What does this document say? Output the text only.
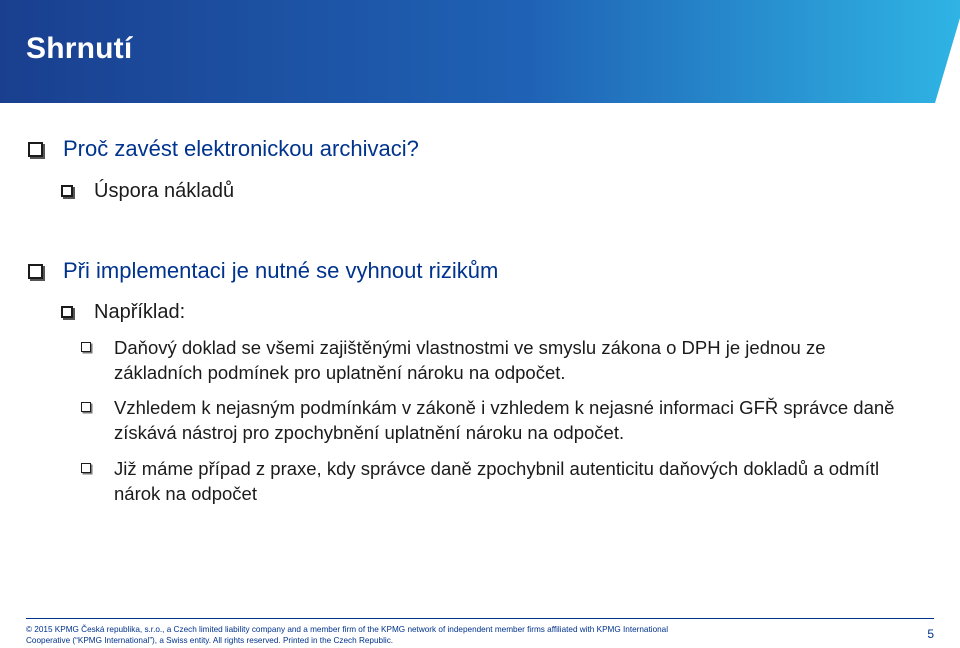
Shrnutí
Proč zavést elektronickou archivaci?
Úspora nákladů
Při implementaci je nutné se vyhnout rizikům
Například:
Daňový doklad se všemi zajištěnými vlastnostmi ve smyslu zákona o DPH je jednou ze základních podmínek pro uplatnění nároku na odpočet.
Vzhledem k nejasným podmínkám v zákoně i vzhledem k nejasné informaci GFŘ správce daně získává nástroj pro zpochybnění uplatnění nároku na odpočet.
Již máme případ z praxe, kdy správce daně zpochybnil autenticitu daňových dokladů a odmítl nárok na odpočet
© 2015 KPMG Česká republika, s.r.o., a Czech limited liability company and a member firm of the KPMG network of independent member firms affiliated with KPMG International
Cooperative (“KPMG International”), a Swiss entity. All rights reserved. Printed in the Czech Republic.	5
